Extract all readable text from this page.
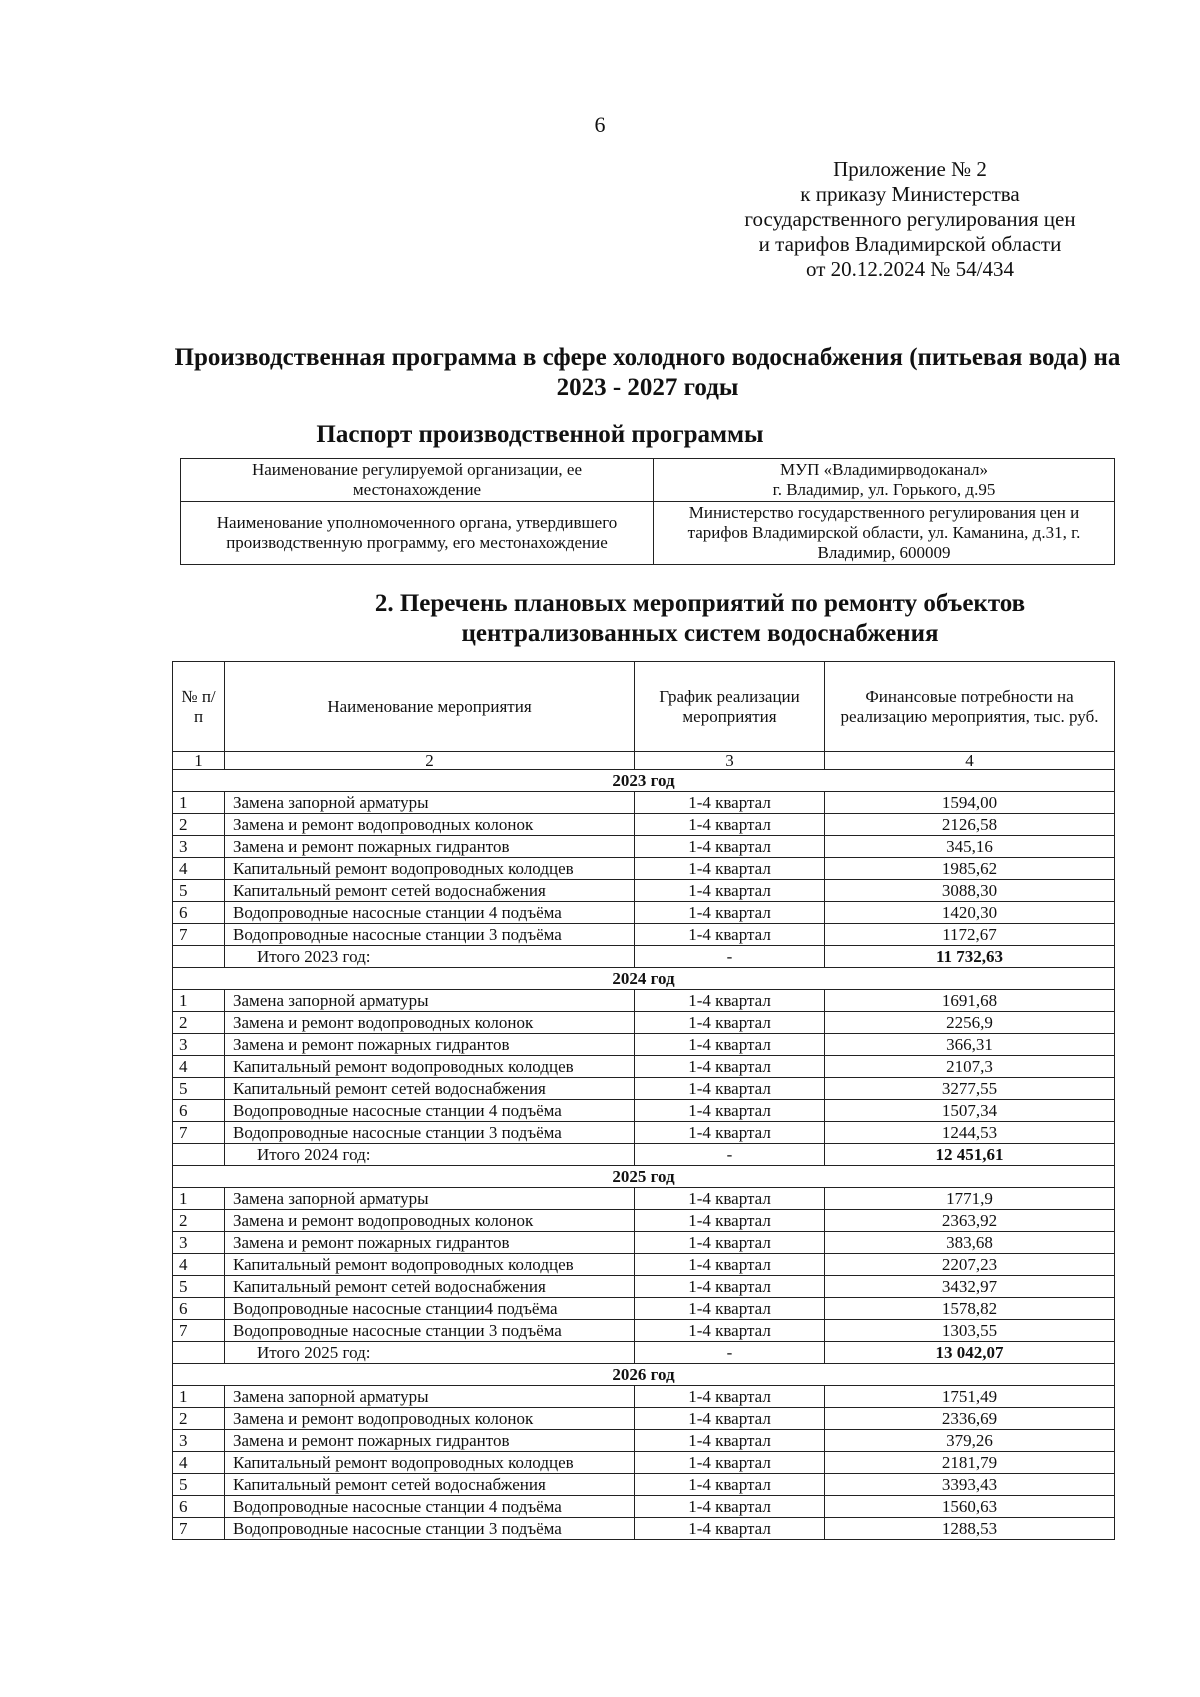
6
Приложение № 2
к приказу Министерства
государственного регулирования цен
и тарифов Владимирской области
от 20.12.2024 № 54/434
Производственная программа в сфере холодного водоснабжения (питьевая вода) на 2023 - 2027 годы
Паспорт производственной программы
Наименование регулируемой организации, ее местонахождение	МУП «Владимирводоканал»
г. Владимир, ул. Горького, д.95

Наименование уполномоченного органа, утвердившего производственную программу, его местонахождение	Министерство государственного регулирования цен и тарифов Владимирской области, ул. Каманина, д.31, г. Владимир, 600009
2. Перечень плановых мероприятий по ремонту объектов
централизованных систем водоснабжения
№ п/п	Наименование мероприятия	График реализации мероприятия	Финансовые потребности на реализацию мероприятия, тыс. руб.
1	2	3	4
2023 год			
1	Замена запорной арматуры	1-4 квартал	1594,00
2	Замена и ремонт водопроводных колонок	1-4 квартал	2126,58
3	Замена и ремонт пожарных гидрантов	1-4 квартал	345,16
4	Капитальный ремонт водопроводных колодцев	1-4 квартал	1985,62
5	Капитальный ремонт сетей водоснабжения	1-4 квартал	3088,30
6	Водопроводные насосные станции 4 подъёма	1-4 квартал	1420,30
7	Водопроводные насосные станции 3 подъёма	1-4 квартал	1172,67
	Итого 2023 год:	-	11 732,63
2024 год			
1	Замена запорной арматуры	1-4 квартал	1691,68
2	Замена и ремонт водопроводных колонок	1-4 квартал	2256,9
3	Замена и ремонт пожарных гидрантов	1-4 квартал	366,31
4	Капитальный ремонт водопроводных колодцев	1-4 квартал	2107,3
5	Капитальный ремонт сетей водоснабжения	1-4 квартал	3277,55
6	Водопроводные насосные станции 4 подъёма	1-4 квартал	1507,34
7	Водопроводные насосные станции 3 подъёма	1-4 квартал	1244,53
	Итого 2024 год:	-	12 451,61
2025 год			
1	Замена запорной арматуры	1-4 квартал	1771,9
2	Замена и ремонт водопроводных колонок	1-4 квартал	2363,92
3	Замена и ремонт пожарных гидрантов	1-4 квартал	383,68
4	Капитальный ремонт водопроводных колодцев	1-4 квартал	2207,23
5	Капитальный ремонт сетей водоснабжения	1-4 квартал	3432,97
6	Водопроводные насосные станции4 подъёма	1-4 квартал	1578,82
7	Водопроводные насосные станции 3 подъёма	1-4 квартал	1303,55
	Итого 2025 год:	-	13 042,07
2026 год			
1	Замена запорной арматуры	1-4 квартал	1751,49
2	Замена и ремонт водопроводных колонок	1-4 квартал	2336,69
3	Замена и ремонт пожарных гидрантов	1-4 квартал	379,26
4	Капитальный ремонт водопроводных колодцев	1-4 квартал	2181,79
5	Капитальный ремонт сетей водоснабжения	1-4 квартал	3393,43
6	Водопроводные насосные станции 4 подъёма	1-4 квартал	1560,63
7	Водопроводные насосные станции 3 подъёма	1-4 квартал	1288,53
